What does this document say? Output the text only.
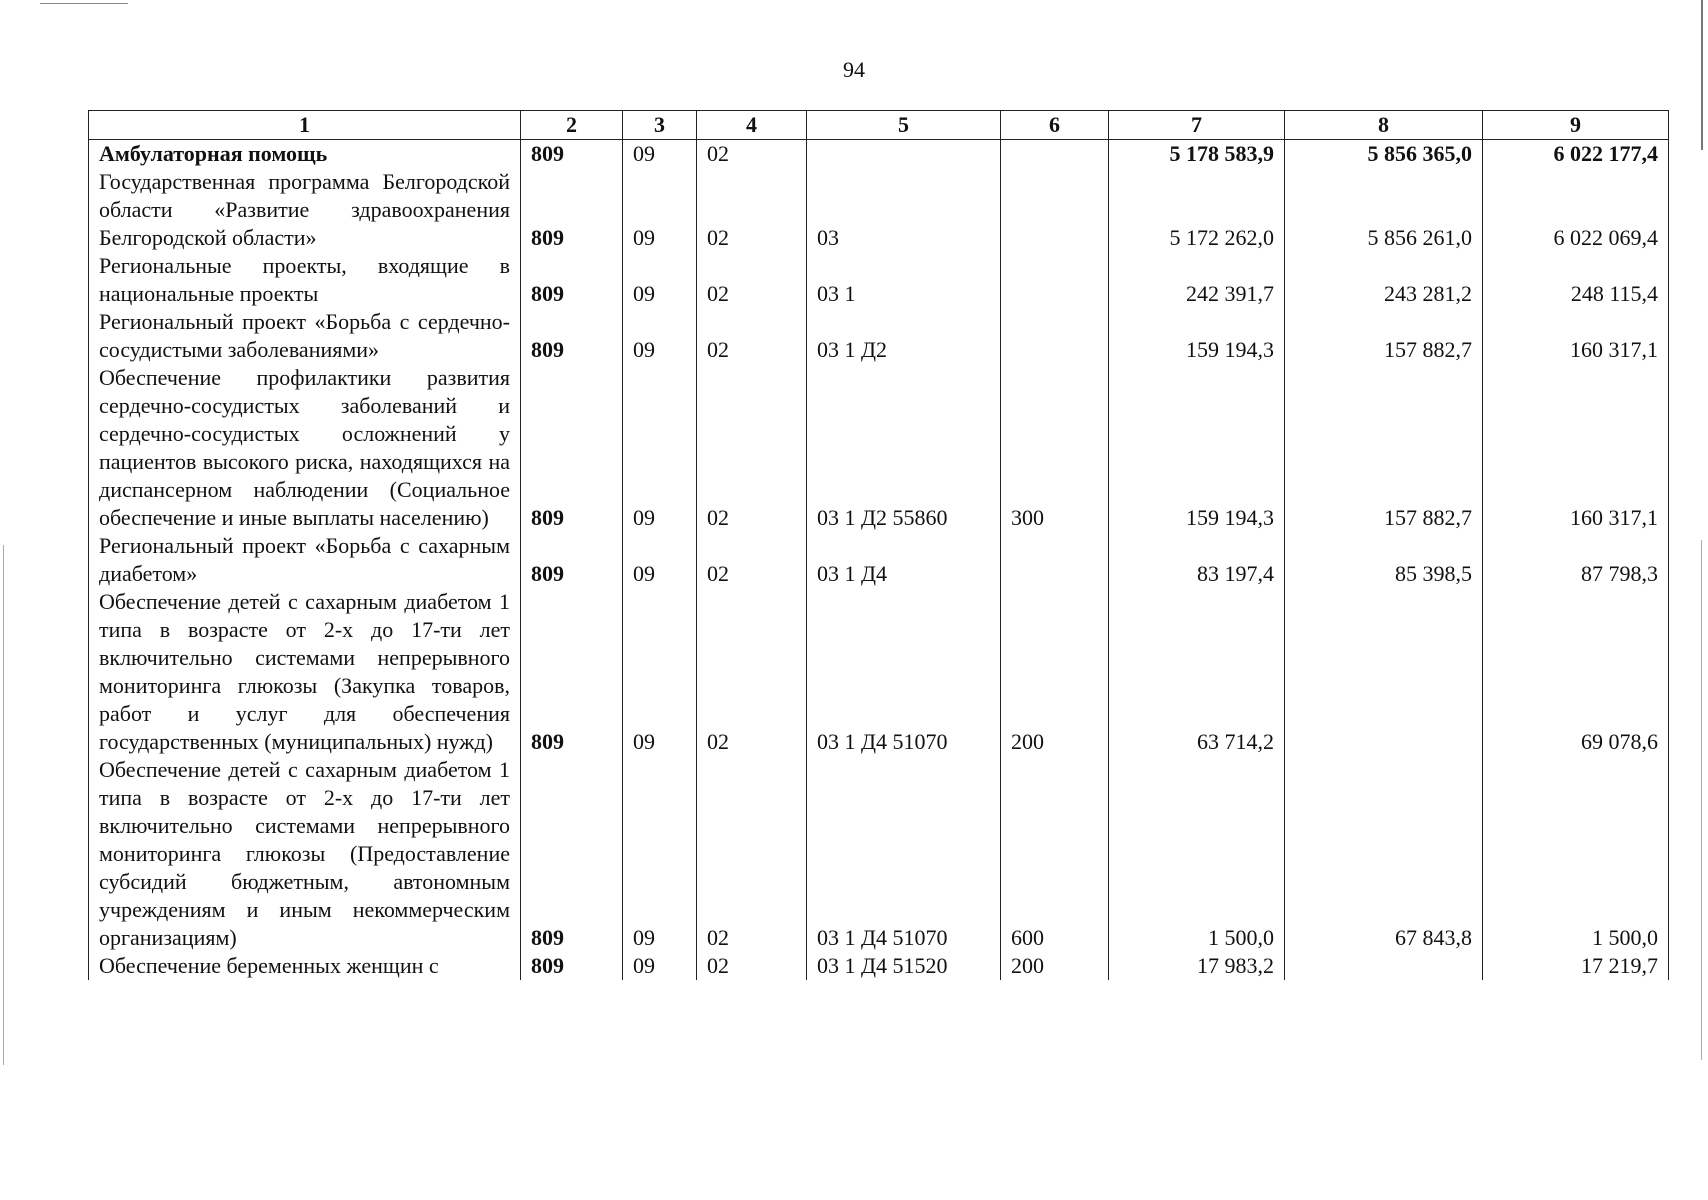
94
1	2	3	4	5	6	7	8	9
Амбулаторная помощь	809	09	02			5 178 583,9	5 856 365,0	6 022 177,4
Государственная программа Белгородской области «Развитие здравоохранения Белгородской области»	809	09	02	03		5 172 262,0	5 856 261,0	6 022 069,4
Региональные проекты, входящие в национальные проекты	809	09	02	03 1		242 391,7	243 281,2	248 115,4
Региональный проект «Борьба с сердечно-сосудистыми заболеваниями»	809	09	02	03 1 Д2		159 194,3	157 882,7	160 317,1
Обеспечение профилактики развития сердечно-сосудистых заболеваний и сердечно-сосудистых осложнений у пациентов высокого риска, находящихся на диспансерном наблюдении (Социальное обеспечение и иные выплаты населению)	809	09	02	03 1 Д2 55860	300	159 194,3	157 882,7	160 317,1
Региональный проект «Борьба с сахарным диабетом»	809	09	02	03 1 Д4		83 197,4	85 398,5	87 798,3
Обеспечение детей с сахарным диабетом 1 типа в возрасте от 2-х до 17-ти лет включительно системами непрерывного мониторинга глюкозы (Закупка товаров, работ и услуг для обеспечения государственных (муниципальных) нужд)	809	09	02	03 1 Д4 51070	200	63 714,2		69 078,6
Обеспечение детей с сахарным диабетом 1 типа в возрасте от 2-х до 17-ти лет включительно системами непрерывного мониторинга глюкозы (Предоставление субсидий бюджетным, автономным учреждениям и иным некоммерческим организациям)	809	09	02	03 1 Д4 51070	600	1 500,0	67 843,8	1 500,0
Обеспечение беременных женщин с	809	09	02	03 1 Д4 51520	200	17 983,2		17 219,7
